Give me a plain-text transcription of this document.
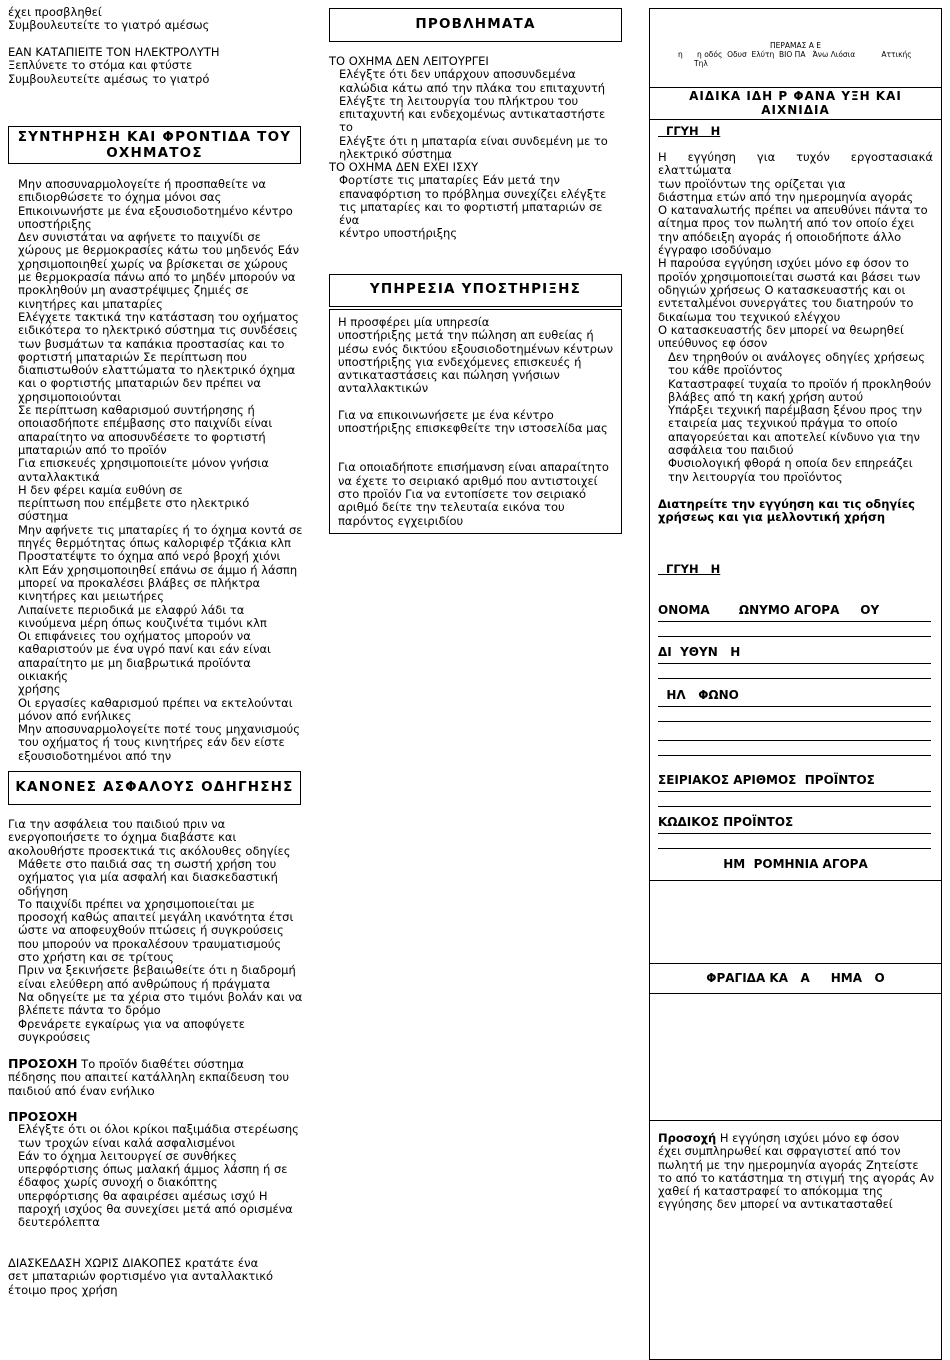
έχει προσβληθεί

Συμβουλευτείτε το γιατρό αμέσως

ΕΑΝ ΚΑΤΑΠΙΕΙΤΕ ΤΟΝ ΗΛΕΚΤΡΟΛΥΤΗ

Ξεπλύνετε το στόμα και φτύστε

Συμβουλευτείτε αμέσως το γιατρό

ΣΥΝΤΗΡΗΣΗ ΚΑΙ ΦΡΟΝΤΙΔΑ ΤΟΥ ΟΧΗΜΑΤΟΣ

Μην αποσυναρμολογείτε ή προσπαθείτε να

επιδιορθώσετε το όχημα μόνοι σας

Επικοινωνήστε με ένα εξουσιοδοτημένο κέντρο

υποστήριξης

Δεν συνιστάται να αφήνετε το παιχνίδι σε

χώρους με θερμοκρασίες κάτω του μηδενός Εάν

χρησιμοποιηθεί χωρίς να βρίσκεται σε χώρους

με θερμοκρασία πάνω από το μηδέν μπορούν να

προκληθούν μη αναστρέψιμες ζημιές σε

κινητήρες και μπαταρίες

Ελέγχετε τακτικά την κατάσταση του οχήματος

ειδικότερα το ηλεκτρικό σύστημα τις συνδέσεις

των βυσμάτων τα καπάκια προστασίας και το

φορτιστή μπαταριών Σε περίπτωση που

διαπιστωθούν ελαττώματα το ηλεκτρικό όχημα

και ο φορτιστής μπαταριών δεν πρέπει να

χρησιμοποιούνται

Σε περίπτωση καθαρισμού συντήρησης ή

οποιασδήποτε επέμβασης στο παιχνίδι είναι

απαραίτητο να αποσυνδέσετε το φορτιστή

μπαταριών από το προϊόν

Για επισκευές χρησιμοποιείτε μόνον γνήσια

ανταλλακτικά

Η δεν φέρει καμία ευθύνη σε

περίπτωση που επέμβετε στο ηλεκτρικό

σύστημα

Μην αφήνετε τις μπαταρίες ή το όχημα κοντά σε

πηγές θερμότητας όπως καλοριφέρ τζάκια κλπ

Προστατέψτε το όχημα από νερό βροχή χιόνι

κλπ Εάν χρησιμοποιηθεί επάνω σε άμμο ή λάσπη

μπορεί να προκαλέσει βλάβες σε πλήκτρα

κινητήρες και μειωτήρες

Λιπαίνετε περιοδικά με ελαφρύ λάδι τα

κινούμενα μέρη όπως κουζινέτα τιμόνι κλπ

Οι επιφάνειες του οχήματος μπορούν να

καθαριστούν με ένα υγρό πανί και εάν είναι

απαραίτητο με μη διαβρωτικά προϊόντα οικιακής

χρήσης

Οι εργασίες καθαρισμού πρέπει να εκτελούνται

μόνον από ενήλικες

Μην αποσυναρμολογείτε ποτέ τους μηχανισμούς

του οχήματος ή τους κινητήρες εάν δεν είστε

εξουσιοδοτημένοι από την

ΚΑΝΟΝΕΣ ΑΣΦΑΛΟΥΣ ΟΔΗΓΗΣΗΣ

Για την ασφάλεια του παιδιού πριν να

ενεργοποιήσετε το όχημα διαβάστε και

ακολουθήστε προσεκτικά τις ακόλουθες οδηγίες

Μάθετε στο παιδιά σας τη σωστή χρήση του

οχήματος για μία ασφαλή και διασκεδαστική

οδήγηση

Το παιχνίδι πρέπει να χρησιμοποιείται με

προσοχή καθώς απαιτεί μεγάλη ικανότητα έτσι

ώστε να αποφευχθούν πτώσεις ή συγκρούσεις

που μπορούν να προκαλέσουν τραυματισμούς

στο χρήστη και σε τρίτους

Πριν να ξεκινήσετε βεβαιωθείτε ότι η διαδρομή

είναι ελεύθερη από ανθρώπους ή πράγματα

Να οδηγείτε με τα χέρια στο τιμόνι βολάν και να

βλέπετε πάντα το δρόμο

Φρενάρετε εγκαίρως για να αποφύγετε

συγκρούσεις

ΠΡΟΣΟΧΗ Το προϊόν διαθέτει σύστημα

πέδησης που απαιτεί κατάλληλη εκπαίδευση του

παιδιού από έναν ενήλικο

ΠΡΟΣΟΧΗ

Ελέγξτε ότι οι όλοι κρίκοι παξιμάδια στερέωσης

των τροχών είναι καλά ασφαλισμένοι

Εάν το όχημα λειτουργεί σε συνθήκες

υπερφόρτισης όπως μαλακή άμμος λάσπη ή σε

έδαφος χωρίς συνοχή ο διακόπτης

υπερφόρτισης θα αφαιρέσει αμέσως ισχύ Η

παροχή ισχύος θα συνεχίσει μετά από ορισμένα

δευτερόλεπτα

ΔΙΑΣΚΕΔΑΣΗ ΧΩΡΙΣ ΔΙΑΚΟΠΕΣ κρατάτε ένα

σετ μπαταριών φορτισμένο για ανταλλακτικό

έτοιμο προς χρήση

ΠΡΟΒΛΗΜΑΤΑ

ΤΟ ΟΧΗΜΑ ΔΕΝ ΛΕΙΤΟΥΡΓΕΙ

Ελέγξτε ότι δεν υπάρχουν αποσυνδεμένα

καλώδια κάτω από την πλάκα του επιταχυντή

Ελέγξτε τη λειτουργία του πλήκτρου του

επιταχυντή και ενδεχομένως αντικαταστήστε το

Ελέγξτε ότι η μπαταρία είναι συνδεμένη με το

ηλεκτρικό σύστημα

ΤΟ ΟΧΗΜΑ ΔΕΝ ΕΧΕΙ ΙΣΧΥ

Φορτίστε τις μπαταρίες Εάν μετά την

επαναφόρτιση το πρόβλημα συνεχίζει ελέγξτε

τις μπαταρίες και το φορτιστή μπαταριών σε ένα

κέντρο υποστήριξης

ΥΠΗΡΕΣΙΑ ΥΠΟΣΤΗΡΙΞΗΣ

Η προσφέρει μία υπηρεσία

υποστήριξης μετά την πώληση απ ευθείας ή

μέσω ενός δικτύου εξουσιοδοτημένων κέντρων

υποστήριξης για ενδεχόμενες επισκευές ή

αντικαταστάσεις και πώληση γνήσιων

ανταλλακτικών

Για να επικοινωνήσετε με ένα κέντρο

υποστήριξης επισκεφθείτε την ιστοσελίδα μας

Για οποιαδήποτε επισήμανση είναι απαραίτητο

να έχετε το σειριακό αριθμό που αντιστοιχεί

στο προϊόν Για να εντοπίσετε τον σειριακό

αριθμό δείτε την τελευταία εικόνα του

παρόντος εγχειριδίου

ΠΕΡΑΜΑΣ Α Ε
η      η οδός  Οδυσ  Ελύτη  ΒΙΟ ΠΑ   Άνω Λιόσια           Αττικής
Τηλ
ΑΙΔΙΚΑ ΙΔΗ Ρ ΦΑΝΑ ΥΞΗ ΚΑΙ ΑΙΧΝΙΔΙΑ
ΓΓΥΗ   Η

Η εγγύηση για τυχόν εργοστασιακά ελαττώματα

των προϊόντων της ορίζεται για

διάστημα ετών από την ημερομηνία αγοράς

Ο καταναλωτής πρέπει να απευθύνει πάντα το

αίτημα προς τον πωλητή από τον οποίο έχει

την απόδειξη αγοράς ή οποιοδήποτε άλλο

έγγραφο ισοδύναμο

Η παρούσα εγγύηση ισχύει μόνο εφ όσον το

προϊόν χρησιμοποιείται σωστά και βάσει των

οδηγιών χρήσεως Ο κατασκευαστής και οι

εντεταλμένοι συνεργάτες του διατηρούν το

δικαίωμα του τεχνικού ελέγχου

Ο κατασκευαστής δεν μπορεί να θεωρηθεί

υπεύθυνος εφ όσον

Δεν τηρηθούν οι ανάλογες οδηγίες χρήσεως

του κάθε προϊόντος

Καταστραφεί τυχαία το προϊόν ή προκληθούν

βλάβες από τη κακή χρήση αυτού

Υπάρξει τεχνική παρέμβαση ξένου προς την

εταιρεία μας τεχνικού πράγμα το οποίο

απαγορεύεται και αποτελεί κίνδυνο για την

ασφάλεια του παιδιού

Φυσιολογική φθορά η οποία δεν επηρεάζει

την λειτουργία του προϊόντος

Διατηρείτε την εγγύηση και τις οδηγίες

χρήσεως και για μελλοντική χρήση

ΓΓΥΗ   Η
ΟΝΟΜΑ       ΩΝΥΜΟ ΑΓΟΡΑ     ΟΥ
ΔΙ  ΥΘΥΝ   Η
ΗΛ   ΦΩΝΟ
ΣΕΙΡΙΑΚΟΣ ΑΡΙΘΜΟΣ  ΠΡΟΪΝΤΟΣ
ΚΩΔΙΚΟΣ ΠΡΟΪΝΤΟΣ
ΗΜ  ΡΟΜΗΝΙΑ ΑΓΟΡΑ
ΦΡΑΓΙΔΑ ΚΑ   Α     ΗΜΑ   Ο

Προσοχή Η εγγύηση ισχύει μόνο εφ όσον

έχει συμπληρωθεί και σφραγιστεί από τον

πωλητή με την ημερομηνία αγοράς Ζητείστε

το από το κατάστημα τη στιγμή της αγοράς Αν

χαθεί ή καταστραφεί το απόκομμα της

εγγύησης δεν μπορεί να αντικατασταθεί
